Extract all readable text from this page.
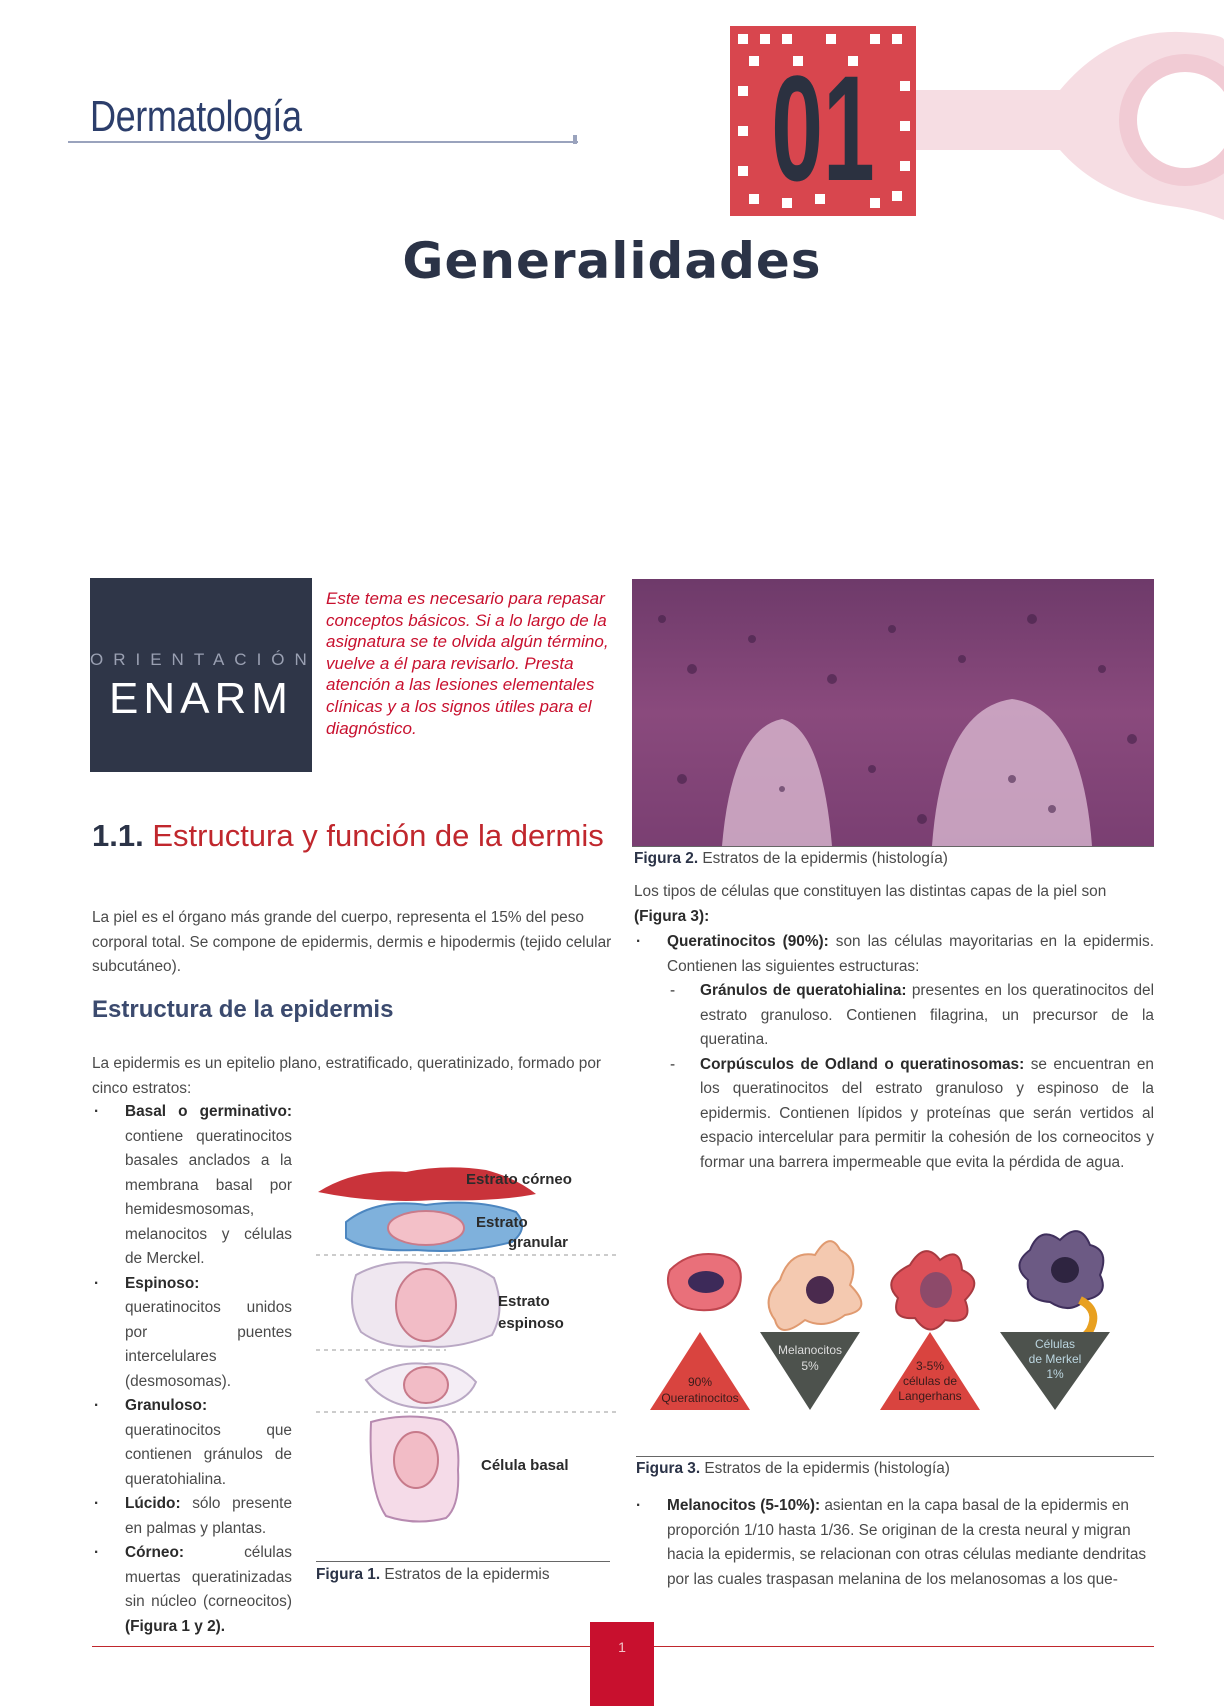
Dermatología	01
Generalidades
ORIENTACIÓN
ENARM
Este tema es necesario para repasar conceptos básicos. Si a lo largo de la asignatura se te olvida algún término, vuelve a él para revisarlo. Presta atención a las lesiones elementales clínicas y a los signos útiles para el diagnóstico.
1.1. Estructura y función de la dermis
La piel es el órgano más grande del cuerpo, representa el 15% del peso corporal total. Se compone de epidermis, dermis e hipodermis (tejido celular subcutáneo).
Estructura de la epidermis
La epidermis es un epitelio plano, estratificado, queratinizado, formado por cinco estratos:
· Basal o germinativo: contiene queratinocitos basales anclados a la membrana basal por hemidesmosomas, melanocitos y células de Merckel.
· Espinoso: queratinocitos unidos por puentes intercelulares (desmosomas).
· Granuloso: queratinocitos que contienen gránulos de queratohialina.
· Lúcido: sólo presente en palmas y plantas.
· Córneo:	células muertas queratinizadas sin núcleo (corneocitos) (Figura 1 y 2).
Estrato córneo
Estrato
granular
Estrato
espinoso
Célula basal
Figura 1. Estratos de la epidermis
Figura 2. Estratos de la epidermis (histología)
Los tipos de células que constituyen las distintas capas de la piel son (Figura 3):
· Queratinocitos (90%): son las células mayoritarias en la epidermis. Contienen las siguientes estructuras:
- Gránulos de queratohialina: presentes en los queratinocitos del estrato granuloso. Contienen filagrina, un precursor de la queratina.
- Corpúsculos de Odland o queratinosomas: se encuentran en los queratinocitos del estrato granuloso y espinoso de la epidermis. Contienen lípidos y proteínas que serán vertidos al espacio intercelular para permitir la cohesión de los corneocitos y formar una barrera impermeable que evita la pérdida de agua.
90%
Queratinocitos
Melanocitos
5%	3-5%
células de
Langerhans
Células
de Merkel
1%
Figura 3. Estratos de la epidermis (histología)
· Melanocitos (5-10%): asientan en la capa basal de la epidermis en proporción 1/10 hasta 1/36. Se originan de la cresta neural y migran hacia la epidermis, se relacionan con otras células mediante dendritas por las cuales traspasan melanina de los melanosomas a los que-
1
